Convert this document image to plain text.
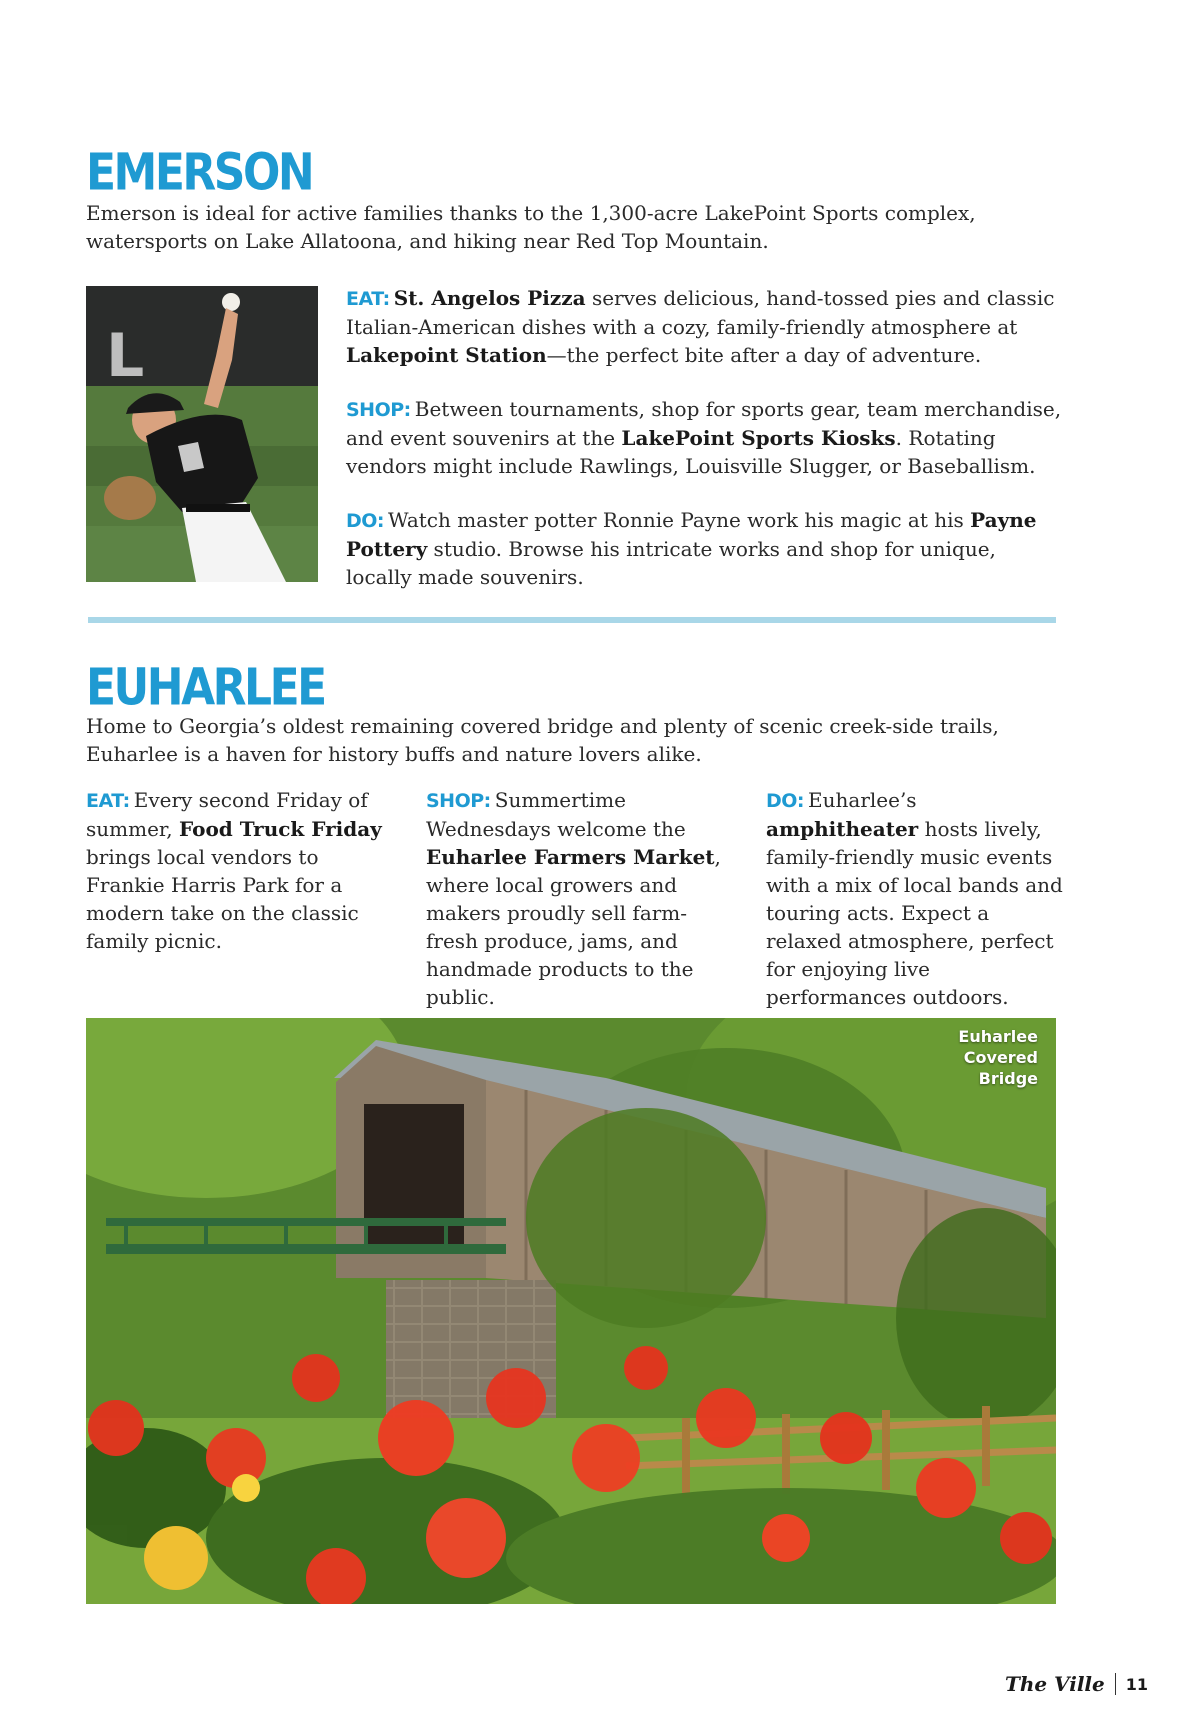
EMERSON

Emerson is ideal for active families thanks to the 1,300-acre LakePoint Sports complex, watersports on Lake Allatoona, and hiking near Red Top Mountain.

L
EAT: St. Angelos Pizza serves delicious, hand-tossed pies and classic Italian-American dishes with a cozy, family-friendly atmosphere at Lakepoint Station—the perfect bite after a day of adventure.
SHOP: Between tournaments, shop for sports gear, team merchandise, and event souvenirs at the LakePoint Sports Kiosks. Rotating vendors might include Rawlings, Louisville Slugger, or Baseballism.
DO: Watch master potter Ronnie Payne work his magic at his Payne Pottery studio. Browse his intricate works and shop for unique, locally made souvenirs.
EUHARLEE

Home to Georgia’s oldest remaining covered bridge and plenty of scenic creek-side trails, Euharlee is a haven for history buffs and nature lovers alike.

EAT: Every second Friday of summer, Food Truck Friday brings local vendors to Frankie Harris Park for a modern take on the classic family picnic.
SHOP: Summertime Wednesdays welcome the Euharlee Farmers Market, where local growers and makers proudly sell farm-fresh produce, jams, and handmade products to the public.
DO: Euharlee’s amphitheater hosts lively, family-friendly music events with a mix of local bands and touring acts. Expect a relaxed atmosphere, perfect for enjoying live performances outdoors.

Euharlee Covered Bridge

The Ville 11
